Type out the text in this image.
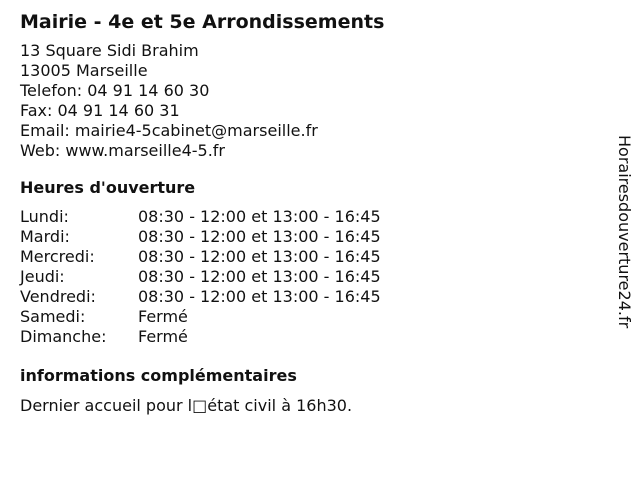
Mairie - 4e et 5e Arrondissements
13 Square Sidi Brahim
13005 Marseille
Telefon: 04 91 14 60 30
Fax: 04 91 14 60 31
Email: mairie4-5cabinet@marseille.fr
Web: www.marseille4-5.fr
Heures d'ouverture
Lundi:	08:30 - 12:00 et 13:00 - 16:45
Mardi:	08:30 - 12:00 et 13:00 - 16:45
Mercredi:	08:30 - 12:00 et 13:00 - 16:45
Jeudi:	08:30 - 12:00 et 13:00 - 16:45
Vendredi:	08:30 - 12:00 et 13:00 - 16:45
Samedi:	Fermé
Dimanche:	Fermé
informations complémentaires
Dernier accueil pour l□état civil à 16h30.
Horairesdouverture24.fr
